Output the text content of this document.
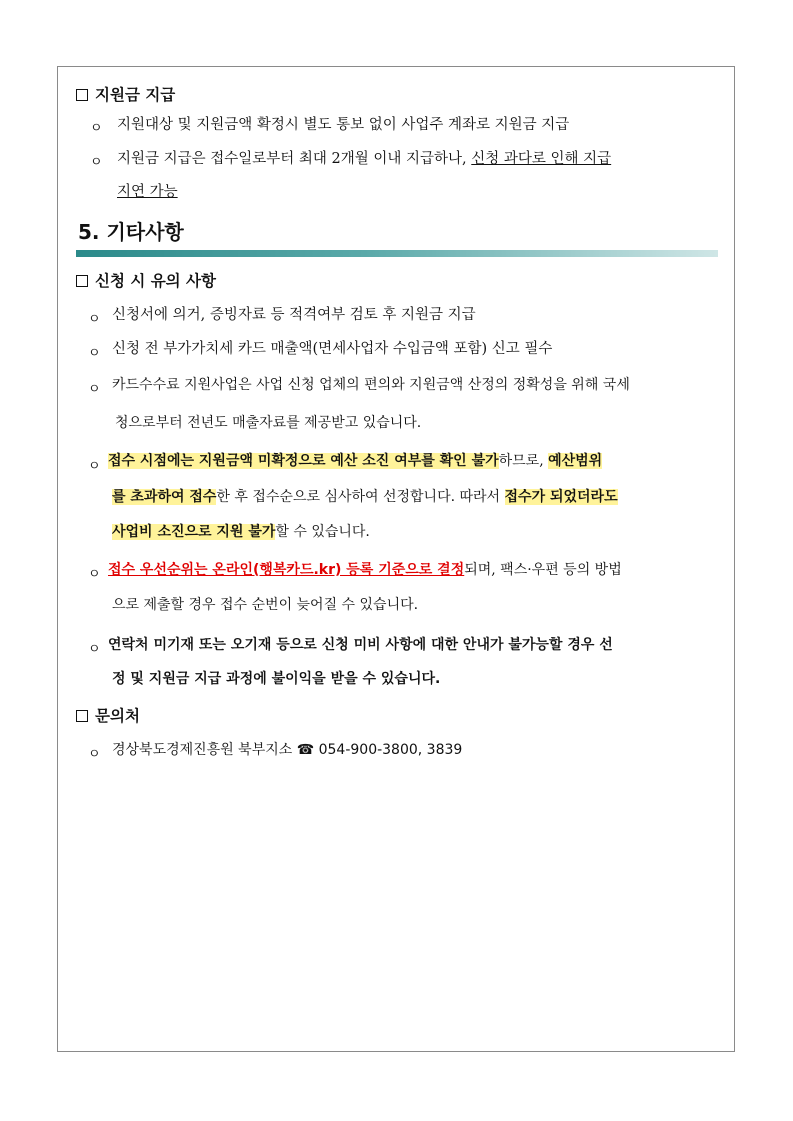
지원금 지급
ㅇ 지원대상 및 지원금액 확정시 별도 통보 없이 사업주 계좌로 지원금 지급
ㅇ 지원금 지급은 접수일로부터 최대 2개월 이내 지급하나, 신청 과다로 인해 지급
지연 가능
5. 기타사항
신청 시 유의 사항
ㅇ 신청서에 의거, 증빙자료 등 적격여부 검토 후 지원금 지급
ㅇ 신청 전 부가가치세 카드 매출액(면세사업자 수입금액 포함) 신고 필수
ㅇ 카드수수료 지원사업은 사업 신청 업체의 편의와 지원금액 산정의 정확성을 위해 국세
청으로부터 전년도 매출자료를 제공받고 있습니다.
ㅇ 접수 시점에는 지원금액 미확정으로 예산 소진 여부를 확인 불가하므로, 예산범위
를 초과하여 접수한 후 접수순으로 심사하여 선정합니다. 따라서 접수가 되었더라도
사업비 소진으로 지원 불가할 수 있습니다.
ㅇ 접수 우선순위는 온라인(행복카드.kr) 등록 기준으로 결정되며, 팩스·우편 등의 방법
으로 제출할 경우 접수 순번이 늦어질 수 있습니다.
ㅇ 연락처 미기재 또는 오기재 등으로 신청 미비 사항에 대한 안내가 불가능할 경우 선
정 및 지원금 지급 과정에 불이익을 받을 수 있습니다.
문의처
ㅇ 경상북도경제진흥원 북부지소 ☎ 054-900-3800, 3839
